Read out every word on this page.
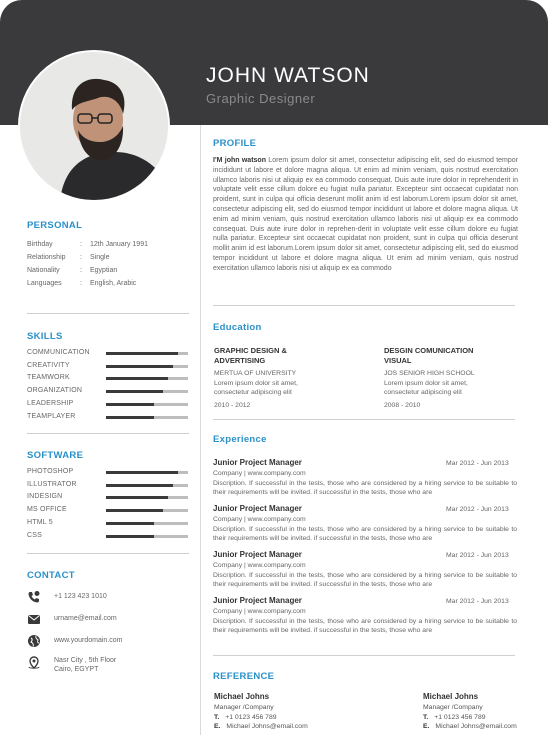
JOHN WATSON
Graphic Designer
PERSONAL
Birthday	: 12th January 1991
Relationship : Single
Nationality	: Egyptian
Languages	: English, Arabic
SKILLS
COMMUNICATION
CREATIVITY
TEAMWORK
ORGANIZATION
LEADERSHIP
TEAMPLAYER
SOFTWARE
PHOTOSHOP
ILLUSTRATOR
INDESIGN
MS OFFICE
HTML 5
CSS
CONTACT
+1 123 423 1010
urname@email.com
www.yourdomain.com
Nasr City , 5th Floor
Cairo, EGYPT
PROFILE

I'M john watson Lorem ipsum dolor sit amet, consectetur adipiscing elit, sed do eiusmod tempor incididunt ut labore et dolore magna aliqua. Ut enim ad minim veniam, quis nostrud exercitation ullamco laboris nisi ut aliquip ex ea commodo consequat. Duis aute irure dolor in reprehenderit in voluptate velit esse cillum dolore eu fugiat nulla pariatur. Excepteur sint occaecat cupidatat non proident, sunt in culpa qui officia deserunt mollit anim id est laborum.Lorem ipsum dolor sit amet, consectetur adipiscing elit, sed do eiusmod tempor incididunt ut labore et dolore magna aliqua. Ut enim ad minim veniam, quis nostrud exercitation ullamco laboris nisi ut aliquip ex ea commodo consequat. Duis aute irure dolor in reprehen-derit in voluptate velit esse cillum dolore eu fugiat nulla pariatur. Excepteur sint occaecat cupidatat non proident, sunt in culpa qui officia deserunt mollit anim id est laborum.Lorem ipsum dolor sit amet, consectetur adipiscing elit, sed do eiusmod tempor incididunt ut labore et dolore magna aliqua. Ut enim ad minim veniam, quis nostrud exercitation ullamco laboris nisi ut aliquip ex ea commodo

Education
GRAPHIC DESIGN &
ADVERTISING
MERTUA OF UNIVERSITY
Lorem ipsum dolor sit amet,
consectetur adipiscing elit
2010 - 2012
DESGIN COMUNICATION
VISUAL
JOS SENIOR HIGH SCHOOL
Lorem ipsum dolor sit amet,
consectetur adipiscing elit
2008 - 2010
Experience
Junior Project Manager	Mar 2012 - Jun 2013
Company | www.company.com
Discription. If successful in the tests, those who are considered by a hiring service to be suitable to their requirements will be invited. if successful in the tests, those who are
Junior Project Manager	Mar 2012 - Jun 2013
Company | www.company.com
Discription. If successful in the tests, those who are considered by a hiring service to be suitable to their requirements will be invited. if successful in the tests, those who are
Junior Project Manager	Mar 2012 - Jun 2013
Company | www.company.com
Discription. If successful in the tests, those who are considered by a hiring service to be suitable to their requirements will be invited. if successful in the tests, those who are
Junior Project Manager	Mar 2012 - Jun 2013
Company | www.company.com
Discription. If successful in the tests, those who are considered by a hiring service to be suitable to their requirements will be invited. if successful in the tests, those who are
REFERENCE
Michael Johns
Manager /Company
T. +1 0123 456 789
E. Michael Johns@email.com
Michael Johns
Manager /Company
T. +1 0123 456 789
E. Michael Johns@email.com
